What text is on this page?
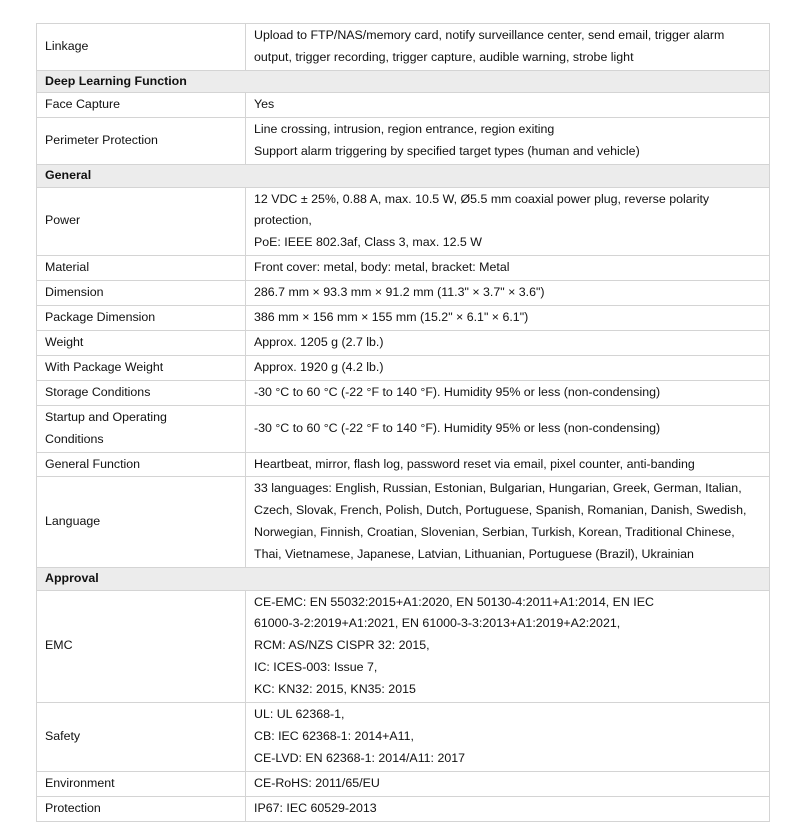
Linkage	Upload to FTP/NAS/memory card, notify surveillance center, send email, trigger alarm
output, trigger recording, trigger capture, audible warning, strobe light

Deep Learning Function	
Face Capture	Yes
Perimeter Protection	Line crossing, intrusion, region entrance, region exiting
Support alarm triggering by specified target types (human and vehicle)

General	
Power	12 VDC ± 25%, 0.88 A, max. 10.5 W, Ø5.5 mm coaxial power plug, reverse polarity
protection,
PoE: IEEE 802.3af, Class 3, max. 12.5 W

Material	Front cover: metal, body: metal, bracket: Metal
Dimension	286.7 mm × 93.3 mm × 91.2 mm (11.3" × 3.7" × 3.6")
Package Dimension	386 mm × 156 mm × 155 mm (15.2" × 6.1" × 6.1")
Weight	Approx. 1205 g (2.7 lb.)
With Package Weight	Approx. 1920 g (4.2 lb.)
Storage Conditions	-30 °C to 60 °C (-22 °F to 140 °F). Humidity 95% or less (non-condensing)

Startup and Operating
Conditions	-30 °C to 60 °C (-22 °F to 140 °F). Humidity 95% or less (non-condensing)
General Function	Heartbeat, mirror, flash log, password reset via email, pixel counter, anti-banding
Language	33 languages: English, Russian, Estonian, Bulgarian, Hungarian, Greek, German, Italian,
Czech, Slovak, French, Polish, Dutch, Portuguese, Spanish, Romanian, Danish, Swedish,
Norwegian, Finnish, Croatian, Slovenian, Serbian, Turkish, Korean, Traditional Chinese,
Thai, Vietnamese, Japanese, Latvian, Lithuanian, Portuguese (Brazil), Ukrainian

Approval	
EMC	CE-EMC: EN 55032:2015+A1:2020, EN 50130-4:2011+A1:2014, EN IEC
61000-3-2:2019+A1:2021, EN 61000-3-3:2013+A1:2019+A2:2021,
RCM: AS/NZS CISPR 32: 2015,
IC: ICES-003: Issue 7,
KC: KN32: 2015, KN35: 2015

Safety	UL: UL 62368-1,
CB: IEC 62368-1: 2014+A11,
CE-LVD: EN 62368-1: 2014/A11: 2017

Environment	CE-RoHS: 2011/65/EU
Protection	IP67: IEC 60529-2013
